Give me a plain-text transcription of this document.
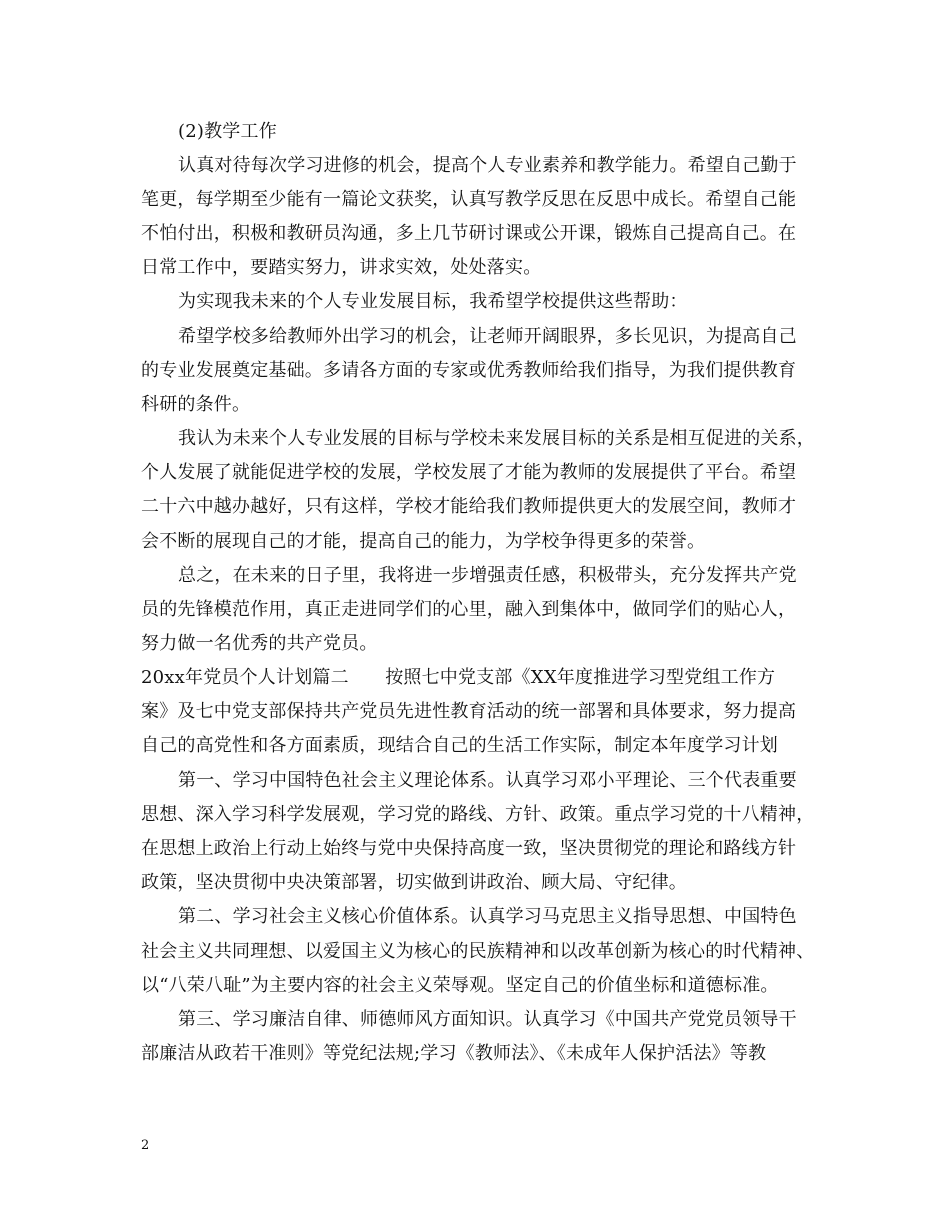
(2)教学工作
认真对待每次学习进修的机会，提高个人专业素养和教学能力。希望自己勤于
笔更，每学期至少能有一篇论文获奖，认真写教学反思在反思中成长。希望自己能
不怕付出，积极和教研员沟通，多上几节研讨课或公开课，锻炼自己提高自己。在
日常工作中，要踏实努力，讲求实效，处处落实。
为实现我未来的个人专业发展目标，我希望学校提供这些帮助：
希望学校多给教师外出学习的机会，让老师开阔眼界，多长见识，为提高自己
的专业发展奠定基础。多请各方面的专家或优秀教师给我们指导，为我们提供教育
科研的条件。
我认为未来个人专业发展的目标与学校未来发展目标的关系是相互促进的关系，
个人发展了就能促进学校的发展，学校发展了才能为教师的发展提供了平台。希望
二十六中越办越好，只有这样，学校才能给我们教师提供更大的发展空间，教师才
会不断的展现自己的才能，提高自己的能力，为学校争得更多的荣誉。
总之，在未来的日子里，我将进一步增强责任感，积极带头，充分发挥共产党
员的先锋模范作用，真正走进同学们的心里，融入到集体中，做同学们的贴心人，
努力做一名优秀的共产党员。
20xx年党员个人计划篇二　　按照七中党支部《XX年度推进学习型党组工作方
案》及七中党支部保持共产党员先进性教育活动的统一部署和具体要求，努力提高
自己的高党性和各方面素质，现结合自己的生活工作实际，制定本年度学习计划
第一、学习中国特色社会主义理论体系。认真学习邓小平理论、三个代表重要
思想、深入学习科学发展观，学习党的路线、方针、政策。重点学习党的十八精神，
在思想上政治上行动上始终与党中央保持高度一致，坚决贯彻党的理论和路线方针
政策，坚决贯彻中央决策部署，切实做到讲政治、顾大局、守纪律。
第二、学习社会主义核心价值体系。认真学习马克思主义指导思想、中国特色
社会主义共同理想、以爱国主义为核心的民族精神和以改革创新为核心的时代精神、
以“八荣八耻”为主要内容的社会主义荣辱观。坚定自己的价值坐标和道德标准。
第三、学习廉洁自律、师德师风方面知识。认真学习《中国共产党党员领导干
部廉洁从政若干准则》等党纪法规;学习《教师法》、《未成年人保护活法》等教
2
